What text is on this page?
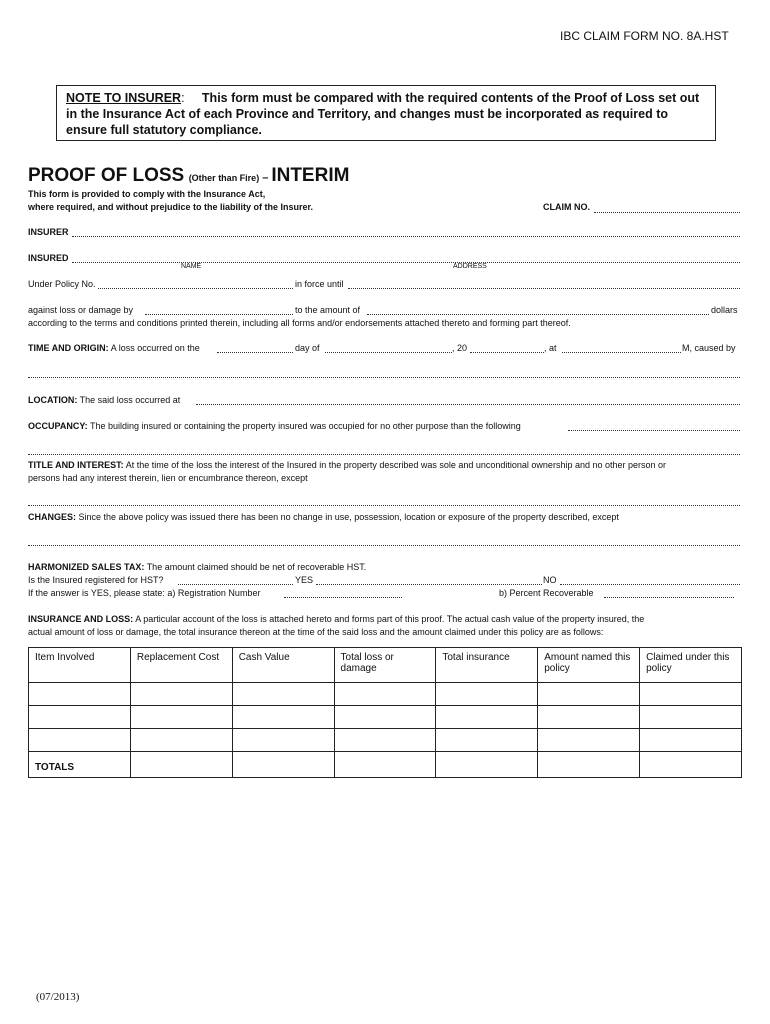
IBC CLAIM FORM NO. 8A.HST
NOTE TO INSURER: This form must be compared with the required contents of the Proof of Loss set out in the Insurance Act of each Province and Territory, and changes must be incorporated as required to ensure full statutory compliance.
PROOF OF LOSS (Other than Fire) – INTERIM
This form is provided to comply with the Insurance Act,
where required, and without prejudice to the liability of the Insurer.	CLAIM NO.
INSURER
INSURED
NAME	ADDRESS
Under Policy No.	in force until
against loss or damage by	to the amount of	dollars
according to the terms and conditions printed therein, including all forms and/or endorsements attached thereto and forming part thereof.
TIME AND ORIGIN: A loss occurred on the	day of	, 20	, at	M, caused by
LOCATION: The said loss occurred at
OCCUPANCY: The building insured or containing the property insured was occupied for no other purpose than the following
TITLE AND INTEREST: At the time of the loss the interest of the Insured in the property described was sole and unconditional ownership and no other person or
persons had any interest therein, lien or encumbrance thereon, except
CHANGES: Since the above policy was issued there has been no change in use, possession, location or exposure of the property described, except
HARMONIZED SALES TAX: The amount claimed should be net of recoverable HST.
Is the Insured registered for HST?	YES	NO
If the answer is YES, please state: a) Registration Number	b) Percent Recoverable
INSURANCE AND LOSS: A particular account of the loss is attached hereto and forms part of this proof. The actual cash value of the property insured, the
actual amount of loss or damage, the total insurance thereon at the time of the said loss and the amount claimed under this policy are as follows:
Item Involved	Replacement Cost	Cash Value	Total loss or damage	Total insurance	Amount named this policy	Claimed under this policy

TOTALS						
(07/2013)
